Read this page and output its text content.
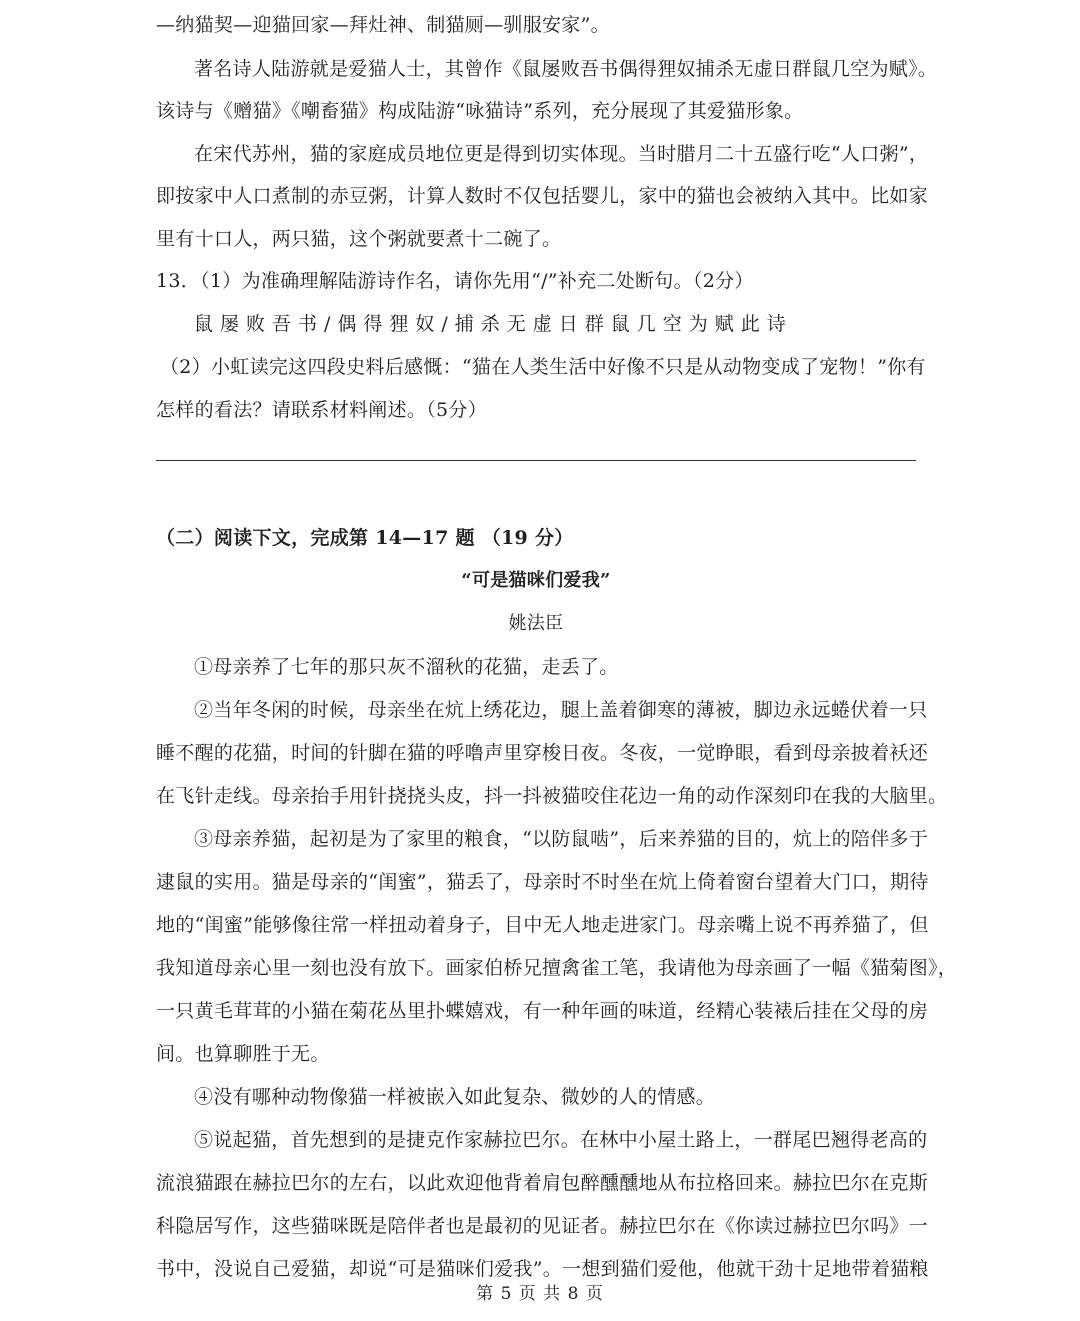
—纳猫契—迎猫回家—拜灶神、制猫厕—驯服安家”。
著名诗人陆游就是爱猫人士，其曾作《鼠屡败吾书偶得狸奴捕杀无虚日群鼠几空为赋》。
该诗与《赠猫》《嘲畜猫》构成陆游“咏猫诗”系列，充分展现了其爱猫形象。
在宋代苏州，猫的家庭成员地位更是得到切实体现。当时腊月二十五盛行吃“人口粥”，
即按家中人口煮制的赤豆粥，计算人数时不仅包括婴儿，家中的猫也会被纳入其中。比如家
里有十口人，两只猫，这个粥就要煮十二碗了。
13．（1）为准确理解陆游诗作名，请你先用“/”补充二处断句。（2分）
鼠屡败吾书/偶得狸奴/捕杀无虚日群鼠几空为赋此诗
（2）小虹读完这四段史料后感慨：“猫在人类生活中好像不只是从动物变成了宠物！”你有
怎样的看法？请联系材料阐述。（5分）
（二）阅读下文，完成第 14—17 题 （19 分）
“可是猫咪们爱我”
姚法臣
①母亲养了七年的那只灰不溜秋的花猫，走丢了。
②当年冬闲的时候，母亲坐在炕上绣花边，腿上盖着御寒的薄被，脚边永远蜷伏着一只
睡不醒的花猫，时间的针脚在猫的呼噜声里穿梭日夜。冬夜，一觉睁眼，看到母亲披着袄还
在飞针走线。母亲抬手用针挠挠头皮，抖一抖被猫咬住花边一角的动作深刻印在我的大脑里。
③母亲养猫，起初是为了家里的粮食，“以防鼠啮”，后来养猫的目的，炕上的陪伴多于
逮鼠的实用。猫是母亲的“闺蜜”，猫丢了，母亲时不时坐在炕上倚着窗台望着大门口，期待
地的“闺蜜”能够像往常一样扭动着身子，目中无人地走进家门。母亲嘴上说不再养猫了，但
我知道母亲心里一刻也没有放下。画家伯桥兄擅禽雀工笔，我请他为母亲画了一幅《猫菊图》，
一只黄毛茸茸的小猫在菊花丛里扑蝶嬉戏，有一种年画的味道，经精心装裱后挂在父母的房
间。也算聊胜于无。
④没有哪种动物像猫一样被嵌入如此复杂、微妙的人的情感。
⑤说起猫，首先想到的是捷克作家赫拉巴尔。在林中小屋土路上，一群尾巴翘得老高的
流浪猫跟在赫拉巴尔的左右，以此欢迎他背着肩包醉醺醺地从布拉格回来。赫拉巴尔在克斯
科隐居写作，这些猫咪既是陪伴者也是最初的见证者。赫拉巴尔在《你读过赫拉巴尔吗》一
书中，没说自己爱猫，却说“可是猫咪们爱我”。一想到猫们爱他，他就干劲十足地带着猫粮
第 5 页 共 8 页
